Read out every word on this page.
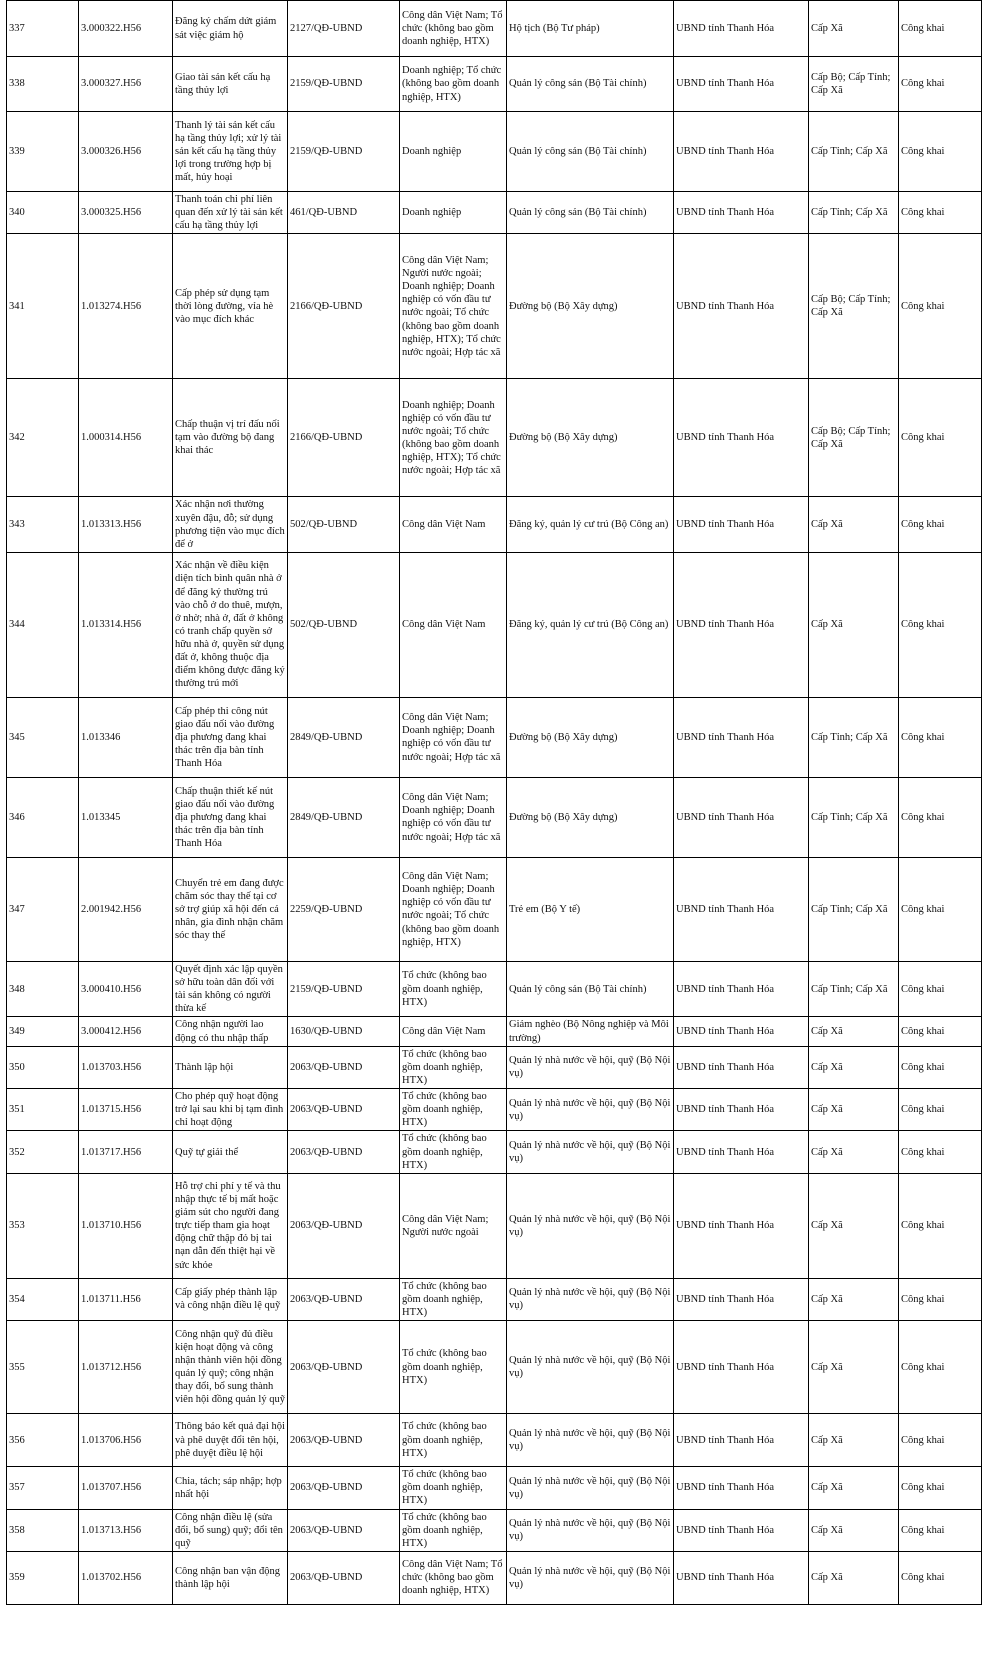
337	3.000322.H56	Đăng ký chấm dứt giám sát việc giám hộ	2127/QĐ-UBND	Công dân Việt Nam; Tổ chức (không bao gồm doanh nghiệp, HTX)	Hộ tịch (Bộ Tư pháp)	UBND tỉnh Thanh Hóa	Cấp Xã	Công khai
338	3.000327.H56	Giao tài sản kết cấu hạ tầng thủy lợi	2159/QĐ-UBND	Doanh nghiệp; Tổ chức (không bao gồm doanh nghiệp, HTX)	Quản lý công sản (Bộ Tài chính)	UBND tỉnh Thanh Hóa	Cấp Bộ; Cấp Tỉnh; Cấp Xã	Công khai
339	3.000326.H56	Thanh lý tài sản kết cấu hạ tầng thủy lợi; xử lý tài sản kết cấu hạ tầng thủy lợi trong trường hợp bị mất, hủy hoại	2159/QĐ-UBND	Doanh nghiệp	Quản lý công sản (Bộ Tài chính)	UBND tỉnh Thanh Hóa	Cấp Tỉnh; Cấp Xã	Công khai
340	3.000325.H56	Thanh toán chi phí liên quan đến xử lý tài sản kết cấu hạ tầng thủy lợi	461/QĐ-UBND	Doanh nghiệp	Quản lý công sản (Bộ Tài chính)	UBND tỉnh Thanh Hóa	Cấp Tỉnh; Cấp Xã	Công khai
341	1.013274.H56	Cấp phép sử dụng tạm thời lòng đường, vỉa hè vào mục đích khác	2166/QĐ-UBND	Công dân Việt Nam; Người nước ngoài; Doanh nghiệp; Doanh nghiệp có vốn đầu tư nước ngoài; Tổ chức (không bao gồm doanh nghiệp, HTX); Tổ chức nước ngoài; Hợp tác xã	Đường bộ (Bộ Xây dựng)	UBND tỉnh Thanh Hóa	Cấp Bộ; Cấp Tỉnh; Cấp Xã	Công khai
342	1.000314.H56	Chấp thuận vị trí đấu nối tạm vào đường bộ đang khai thác	2166/QĐ-UBND	Doanh nghiệp; Doanh nghiệp có vốn đầu tư nước ngoài; Tổ chức (không bao gồm doanh nghiệp, HTX); Tổ chức nước ngoài; Hợp tác xã	Đường bộ (Bộ Xây dựng)	UBND tỉnh Thanh Hóa	Cấp Bộ; Cấp Tỉnh; Cấp Xã	Công khai
343	1.013313.H56	Xác nhận nơi thường xuyên đậu, đỗ; sử dụng phương tiện vào mục đích để ở	502/QĐ-UBND	Công dân Việt Nam	Đăng ký, quản lý cư trú (Bộ Công an)	UBND tỉnh Thanh Hóa	Cấp Xã	Công khai
344	1.013314.H56	Xác nhận về điều kiện diện tích bình quân nhà ở để đăng ký thường trú vào chỗ ở do thuê, mượn, ở nhờ; nhà ở, đất ở không có tranh chấp quyền sở hữu nhà ở, quyền sử dụng đất ở, không thuộc địa điểm không được đăng ký thường trú mới	502/QĐ-UBND	Công dân Việt Nam	Đăng ký, quản lý cư trú (Bộ Công an)	UBND tỉnh Thanh Hóa	Cấp Xã	Công khai
345	1.013346	Cấp phép thi công nút giao đấu nối vào đường địa phương đang khai thác trên địa bàn tỉnh Thanh Hóa	2849/QĐ-UBND	Công dân Việt Nam; Doanh nghiệp; Doanh nghiệp có vốn đầu tư nước ngoài; Hợp tác xã	Đường bộ (Bộ Xây dựng)	UBND tỉnh Thanh Hóa	Cấp Tỉnh; Cấp Xã	Công khai
346	1.013345	Chấp thuận thiết kế nút giao đấu nối vào đường địa phương đang khai thác trên địa bàn tỉnh Thanh Hóa	2849/QĐ-UBND	Công dân Việt Nam; Doanh nghiệp; Doanh nghiệp có vốn đầu tư nước ngoài; Hợp tác xã	Đường bộ (Bộ Xây dựng)	UBND tỉnh Thanh Hóa	Cấp Tỉnh; Cấp Xã	Công khai
347	2.001942.H56	Chuyển trẻ em đang được chăm sóc thay thế tại cơ sở trợ giúp xã hội đến cá nhân, gia đình nhận chăm sóc thay thế	2259/QĐ-UBND	Công dân Việt Nam; Doanh nghiệp; Doanh nghiệp có vốn đầu tư nước ngoài; Tổ chức (không bao gồm doanh nghiệp, HTX)	Trẻ em (Bộ Y tế)	UBND tỉnh Thanh Hóa	Cấp Tỉnh; Cấp Xã	Công khai
348	3.000410.H56	Quyết định xác lập quyền sở hữu toàn dân đối với tài sản không có người thừa kế	2159/QĐ-UBND	Tổ chức (không bao gồm doanh nghiệp, HTX)	Quản lý công sản (Bộ Tài chính)	UBND tỉnh Thanh Hóa	Cấp Tỉnh; Cấp Xã	Công khai
349	3.000412.H56	Công nhận người lao động có thu nhập thấp	1630/QĐ-UBND	Công dân Việt Nam	Giảm nghèo (Bộ Nông nghiệp và Môi trường)	UBND tỉnh Thanh Hóa	Cấp Xã	Công khai
350	1.013703.H56	Thành lập hội	2063/QĐ-UBND	Tổ chức (không bao gồm doanh nghiệp, HTX)	Quản lý nhà nước về hội, quỹ (Bộ Nội vụ)	UBND tỉnh Thanh Hóa	Cấp Xã	Công khai
351	1.013715.H56	Cho phép quỹ hoạt động trở lại sau khi bị tạm đình chỉ hoạt động	2063/QĐ-UBND	Tổ chức (không bao gồm doanh nghiệp, HTX)	Quản lý nhà nước về hội, quỹ (Bộ Nội vụ)	UBND tỉnh Thanh Hóa	Cấp Xã	Công khai
352	1.013717.H56	Quỹ tự giải thể	2063/QĐ-UBND	Tổ chức (không bao gồm doanh nghiệp, HTX)	Quản lý nhà nước về hội, quỹ (Bộ Nội vụ)	UBND tỉnh Thanh Hóa	Cấp Xã	Công khai
353	1.013710.H56	Hỗ trợ chi phí y tế và thu nhập thực tế bị mất hoặc giảm sút cho người đang trực tiếp tham gia hoạt động chữ thập đỏ bị tai nạn dẫn đến thiệt hại về sức khỏe	2063/QĐ-UBND	Công dân Việt Nam; Người nước ngoài	Quản lý nhà nước về hội, quỹ (Bộ Nội vụ)	UBND tỉnh Thanh Hóa	Cấp Xã	Công khai
354	1.013711.H56	Cấp giấy phép thành lập và công nhận điều lệ quỹ	2063/QĐ-UBND	Tổ chức (không bao gồm doanh nghiệp, HTX)	Quản lý nhà nước về hội, quỹ (Bộ Nội vụ)	UBND tỉnh Thanh Hóa	Cấp Xã	Công khai
355	1.013712.H56	Công nhận quỹ đủ điều kiện hoạt động và công nhận thành viên hội đồng quản lý quỹ; công nhận thay đổi, bổ sung thành viên hội đồng quản lý quỹ	2063/QĐ-UBND	Tổ chức (không bao gồm doanh nghiệp, HTX)	Quản lý nhà nước về hội, quỹ (Bộ Nội vụ)	UBND tỉnh Thanh Hóa	Cấp Xã	Công khai
356	1.013706.H56	Thông báo kết quả đại hội và phê duyệt đổi tên hội, phê duyệt điều lệ hội	2063/QĐ-UBND	Tổ chức (không bao gồm doanh nghiệp, HTX)	Quản lý nhà nước về hội, quỹ (Bộ Nội vụ)	UBND tỉnh Thanh Hóa	Cấp Xã	Công khai
357	1.013707.H56	Chia, tách; sáp nhập; hợp nhất hội	2063/QĐ-UBND	Tổ chức (không bao gồm doanh nghiệp, HTX)	Quản lý nhà nước về hội, quỹ (Bộ Nội vụ)	UBND tỉnh Thanh Hóa	Cấp Xã	Công khai
358	1.013713.H56	Công nhận điều lệ (sửa đổi, bổ sung) quỹ; đổi tên quỹ	2063/QĐ-UBND	Tổ chức (không bao gồm doanh nghiệp, HTX)	Quản lý nhà nước về hội, quỹ (Bộ Nội vụ)	UBND tỉnh Thanh Hóa	Cấp Xã	Công khai
359	1.013702.H56	Công nhận ban vận động thành lập hội	2063/QĐ-UBND	Công dân Việt Nam; Tổ chức (không bao gồm doanh nghiệp, HTX)	Quản lý nhà nước về hội, quỹ (Bộ Nội vụ)	UBND tỉnh Thanh Hóa	Cấp Xã	Công khai
